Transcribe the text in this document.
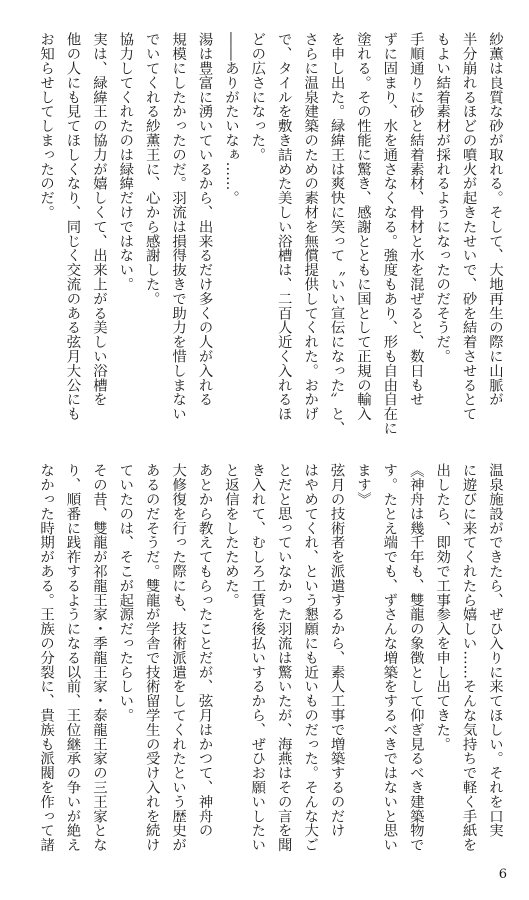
紗薫は良質な砂が取れる。そして、大地再生の際に山脈が
半分崩れるほどの噴火が起きたせいで、砂を結着させるとて
もよい結着素材が採れるようになったのだそうだ。
手順通りに砂と結着素材、骨材と水を混ぜると、数日もせ
ずに固まり、水を通さなくなる。強度もあり、形も自由自在に
塗れる。その性能に驚き、感謝とともに国として正規の輸入
を申し出た。緑緯王は爽快に笑って〝いい宣伝になった〟と、
さらに温泉建築のための素材を無償提供してくれた。おかげ
で、タイルを敷き詰めた美しい浴槽は、二百人近く入れるほ
どの広さになった。
――ありがたいなぁ……。
湯は豊富に湧いているから、出来るだけ多くの人が入れる
規模にしたかったのだ。羽流は損得抜きで助力を惜しまない
でいてくれる紗薫王に、心から感謝した。
協力してくれたのは緑緯だけではない。
実は、緑緯王の協力が嬉しくて、出来上がる美しい浴槽を
他の人にも見てほしくなり、同じく交流のある弦月大公にも
お知らせしてしまったのだ。
温泉施設ができたら、ぜひ入りに来てほしい。それを口実
に遊びに来てくれたら嬉しい……そんな気持ちで軽く手紙を
出したら、即効で工事参入を申し出てきた。
《神舟は幾千年も、雙龍の象徴として仰ぎ見るべき建築物で
す。たとえ端でも、ずさんな増築をするべきではないと思い
ます》
弦月の技術者を派遣するから、素人工事で増築するのだけ
はやめてくれ、という懇願にも近いものだった。そんな大ご
とだと思っていなかった羽流は驚いたが、海燕はその言を聞
き入れて、むしろ工賃を後払いするから、ぜひお願いしたい
と返信をしたためた。
あとから教えてもらったことだが、弦月はかつて、神舟の
大修復を行った際にも、技術派遣をしてくれたという歴史が
あるのだそうだ。雙龍が学舎で技術留学生の受け入れを続け
ていたのは、そこが起源だったらしい。
その昔、雙龍が祁龍王家・季龍王家・泰龍王家の三王家とな
り、順番に践祚するようになる以前、王位継承の争いが絶え
なかった時期がある。王族の分裂に、貴族も派閥を作って諸
6
